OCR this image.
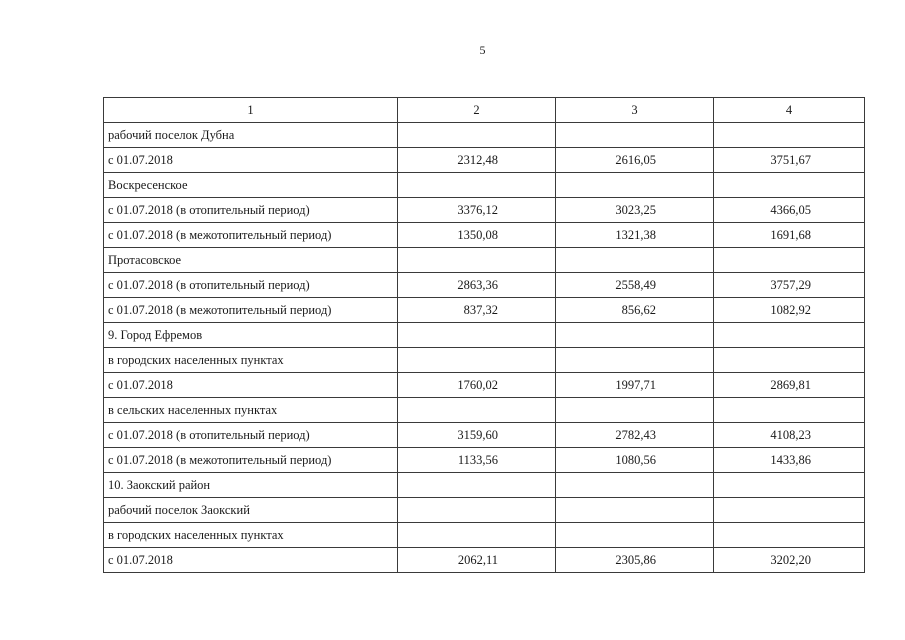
5
1	2	3	4
рабочий поселок Дубна			
с 01.07.2018	2312,48	2616,05	3751,67
Воскресенское			
с 01.07.2018 (в отопительный период)	3376,12	3023,25	4366,05
с 01.07.2018 (в межотопительный период)	1350,08	1321,38	1691,68
Протасовское			
с 01.07.2018 (в отопительный период)	2863,36	2558,49	3757,29
с 01.07.2018 (в межотопительный период)	837,32	856,62	1082,92
9. Город Ефремов			
в городских населенных пунктах			
с 01.07.2018	1760,02	1997,71	2869,81
в сельских населенных пунктах			
с 01.07.2018 (в отопительный период)	3159,60	2782,43	4108,23
с 01.07.2018 (в межотопительный период)	1133,56	1080,56	1433,86
10. Заокский район			
рабочий поселок Заокский			
в городских населенных пунктах			
с 01.07.2018	2062,11	2305,86	3202,20
